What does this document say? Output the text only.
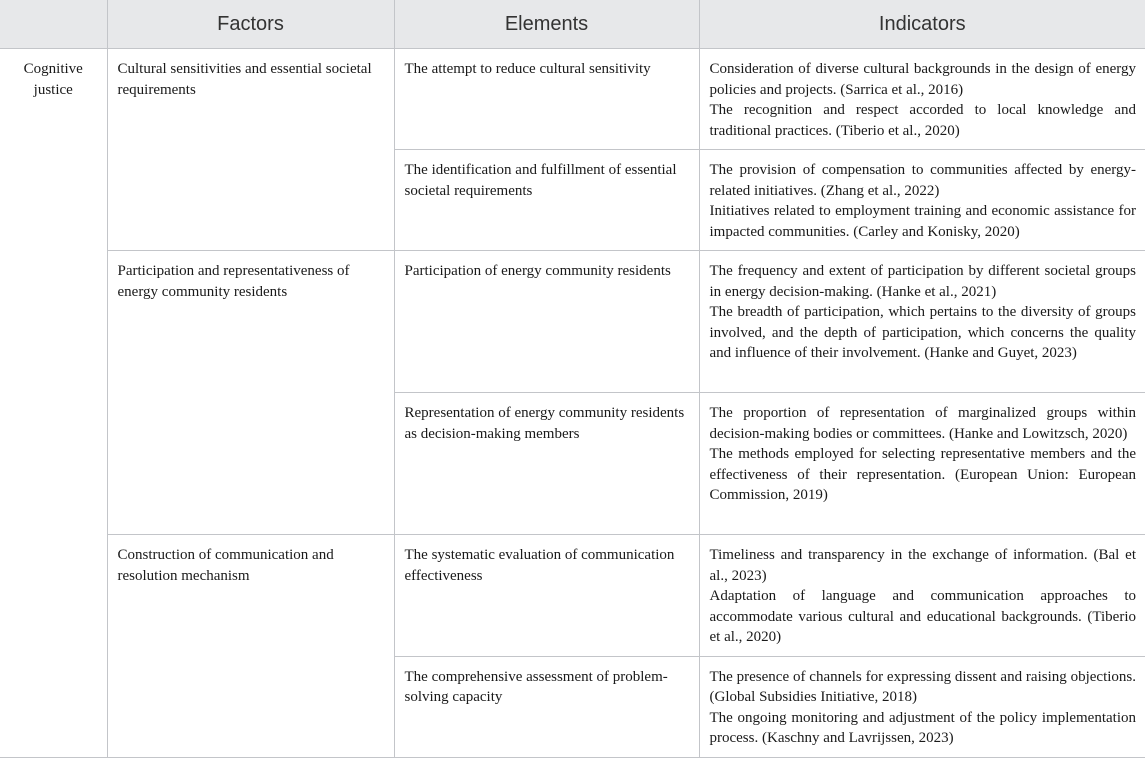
	Factors	Elements	Indicators
Cognitive justice	Cultural sensitivities and essential societal requirements	The attempt to reduce cultural sensitivity	Consideration of diverse cultural backgrounds in the design of energy policies and projects. (Sarrica et al., 2016)
The recognition and respect accorded to local knowledge and traditional practices. (Tiberio et al., 2020)

		The identification and fulfillment of essential societal requirements	The provision of compensation to communities affected by energy-related initiatives. (Zhang et al., 2022)
Initiatives related to employment training and economic assistance for impacted communities. (Carley and Konisky, 2020)

	Participation and representativeness of energy community residents	Participation of energy community residents	The frequency and extent of participation by different societal groups in energy decision-making. (Hanke et al., 2021)
The breadth of participation, which pertains to the diversity of groups involved, and the depth of participation, which concerns the quality and influence of their involvement. (Hanke and Guyet, 2023)

		Representation of energy community residents as decision-making members	The proportion of representation of marginalized groups within decision-making bodies or committees. (Hanke and Lowitzsch, 2020)
The methods employed for selecting representative members and the effectiveness of their representation. (European Union: European Commission, 2019)

	Construction of communication and resolution mechanism	The systematic evaluation of communication effectiveness	Timeliness and transparency in the exchange of information. (Bal et al., 2023)
Adaptation of language and communication approaches to accommodate various cultural and educational backgrounds. (Tiberio et al., 2020)

		The comprehensive assessment of problem-solving capacity	The presence of channels for expressing dissent and raising objections. (Global Subsidies Initiative, 2018)
The ongoing monitoring and adjustment of the policy implementation process. (Kaschny and Lavrijssen, 2023)
